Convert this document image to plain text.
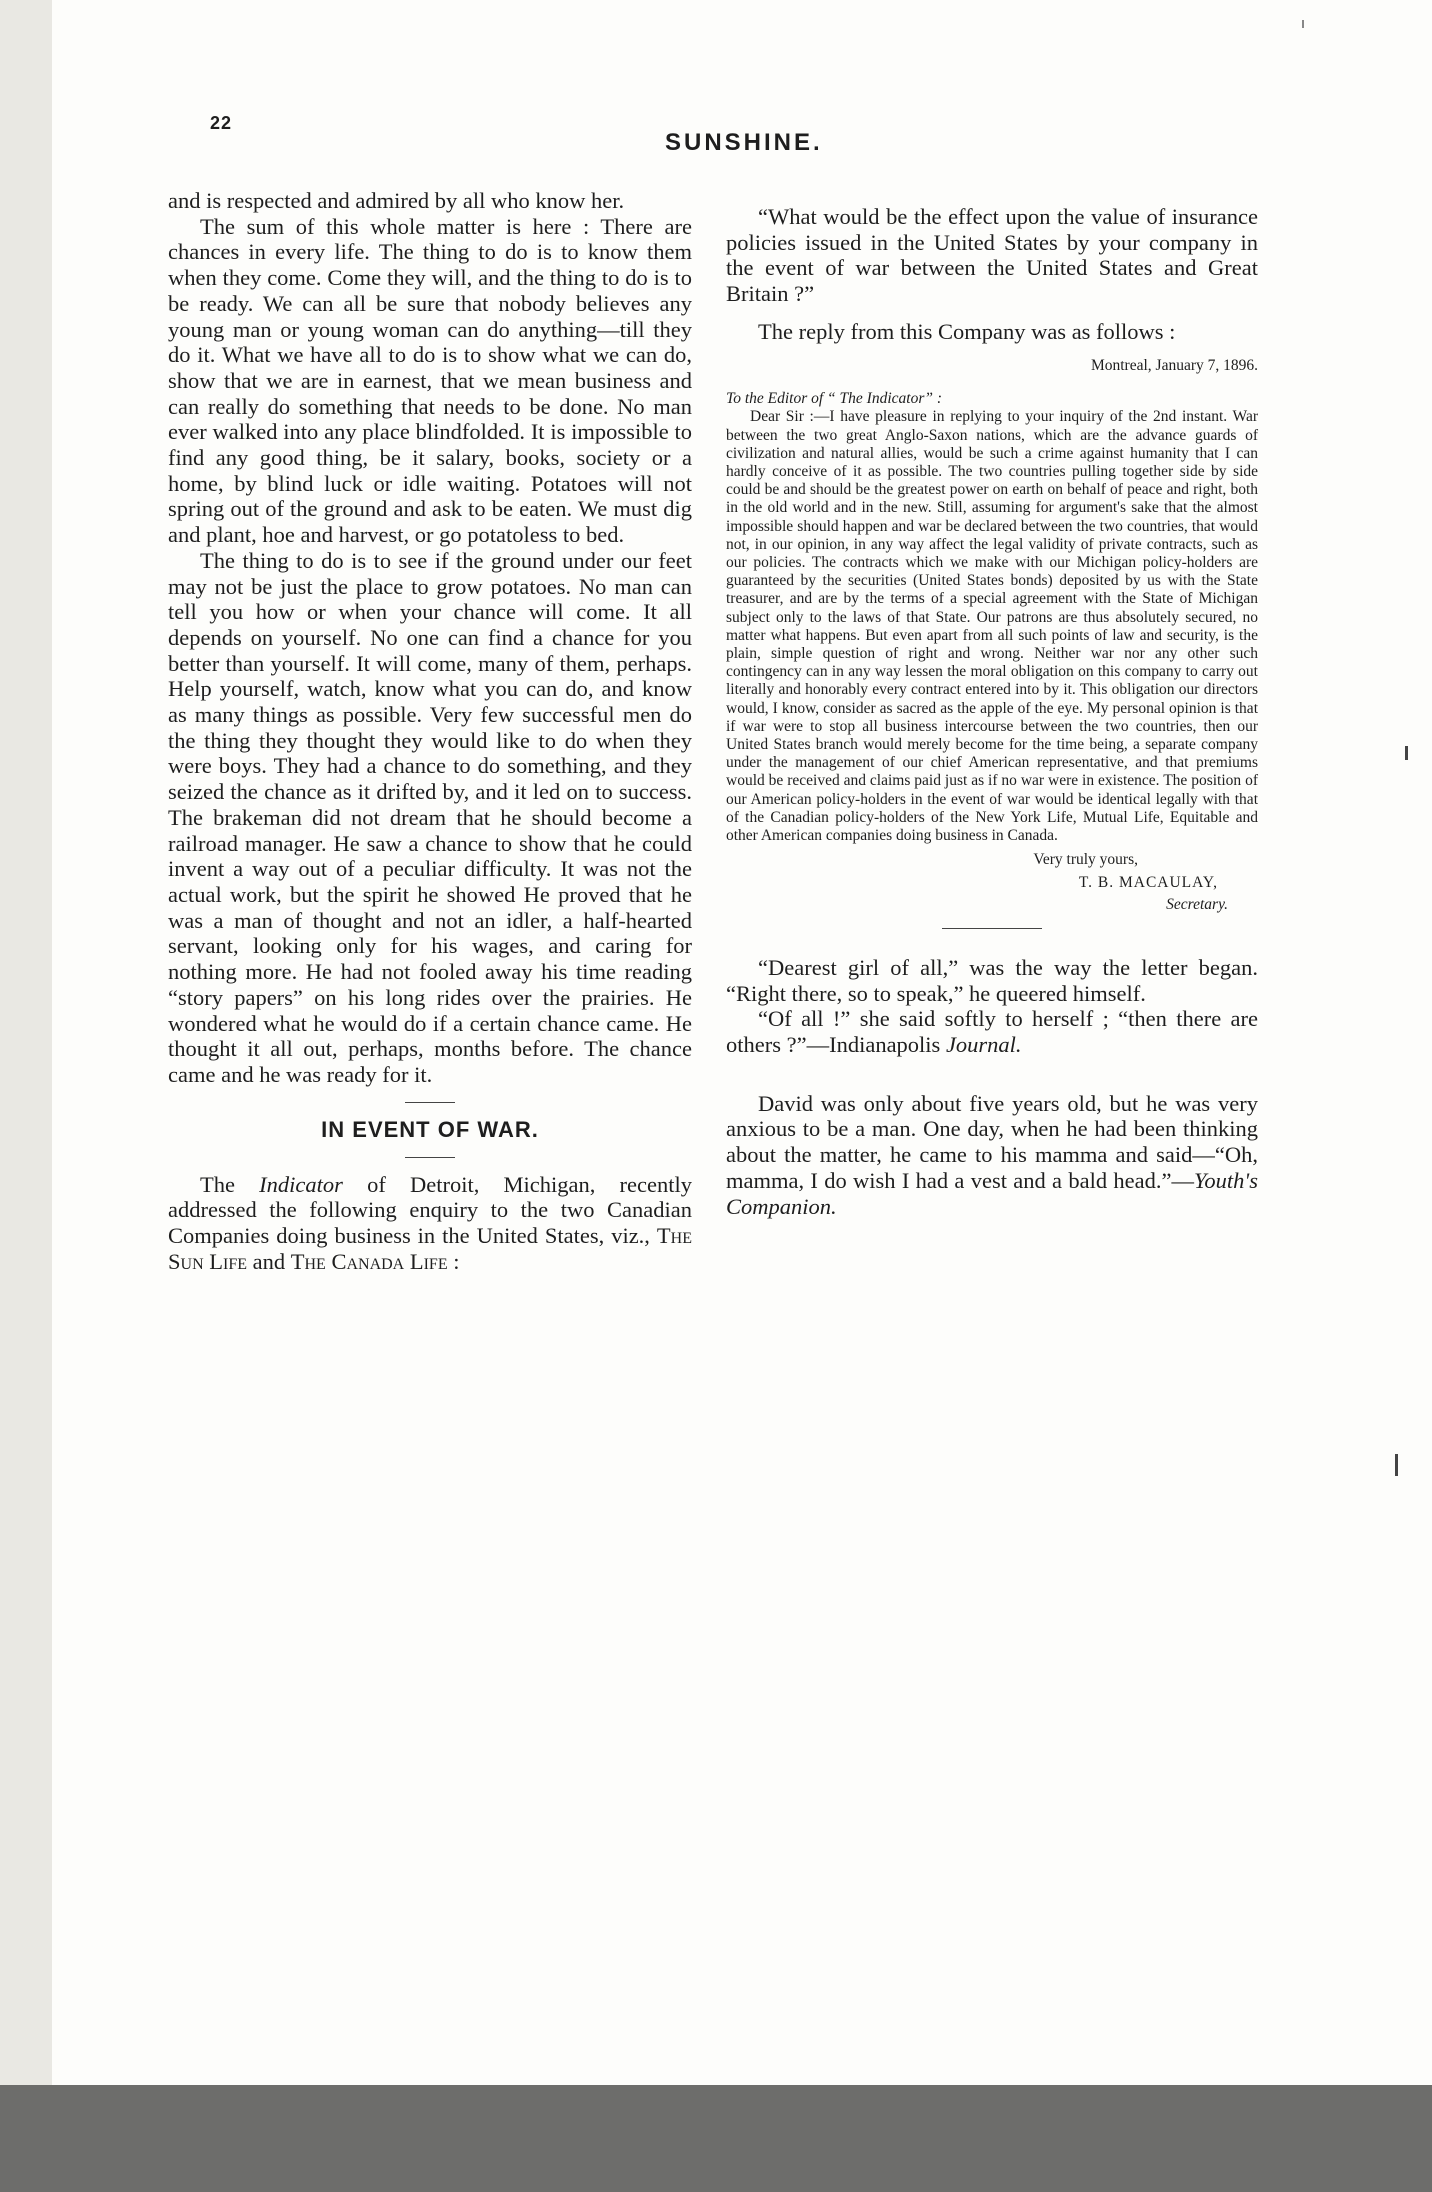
22
SUNSHINE.

and is respected and admired by all who know her.

The sum of this whole matter is here : There are chances in every life. The thing to do is to know them when they come. Come they will, and the thing to do is to be ready. We can all be sure that nobody believes any young man or young woman can do anything—till they do it. What we have all to do is to show what we can do, show that we are in earnest, that we mean business and can really do something that needs to be done. No man ever walked into any place blindfolded. It is impossible to find any good thing, be it salary, books, society or a home, by blind luck or idle waiting. Potatoes will not spring out of the ground and ask to be eaten. We must dig and plant, hoe and harvest, or go potatoless to bed.

The thing to do is to see if the ground under our feet may not be just the place to grow potatoes. No man can tell you how or when your chance will come. It all depends on yourself. No one can find a chance for you better than yourself. It will come, many of them, perhaps. Help yourself, watch, know what you can do, and know as many things as possible. Very few successful men do the thing they thought they would like to do when they were boys. They had a chance to do something, and they seized the chance as it drifted by, and it led on to success. The brakeman did not dream that he should become a railroad manager. He saw a chance to show that he could invent a way out of a peculiar difficulty. It was not the actual work, but the spirit he showed He proved that he was a man of thought and not an idler, a half-hearted servant, looking only for his wages, and caring for nothing more. He had not fooled away his time reading “story papers” on his long rides over the prairies. He wondered what he would do if a certain chance came. He thought it all out, perhaps, months before. The chance came and he was ready for it.

IN EVENT OF WAR.

The Indicator of Detroit, Michigan, recently addressed the following enquiry to the two Canadian Companies doing business in the United States, viz., The Sun Life and The Canada Life :

“What would be the effect upon the value of insurance policies issued in the United States by your company in the event of war between the United States and Great Britain ?”

The reply from this Company was as follows :

Montreal, January 7, 1896.

To the Editor of “ The Indicator” :

Dear Sir :—I have pleasure in replying to your inquiry of the 2nd instant. War between the two great Anglo-Saxon nations, which are the advance guards of civilization and natural allies, would be such a crime against humanity that I can hardly conceive of it as possible. The two countries pulling together side by side could be and should be the greatest power on earth on behalf of peace and right, both in the old world and in the new. Still, assuming for argument's sake that the almost impossible should happen and war be declared between the two countries, that would not, in our opinion, in any way affect the legal validity of private contracts, such as our policies. The contracts which we make with our Michigan policy-holders are guaranteed by the securities (United States bonds) deposited by us with the State treasurer, and are by the terms of a special agreement with the State of Michigan subject only to the laws of that State. Our patrons are thus absolutely secured, no matter what happens. But even apart from all such points of law and security, is the plain, simple question of right and wrong. Neither war nor any other such contingency can in any way lessen the moral obligation on this company to carry out literally and honorably every contract entered into by it. This obligation our directors would, I know, consider as sacred as the apple of the eye. My personal opinion is that if war were to stop all business intercourse between the two countries, then our United States branch would merely become for the time being, a separate company under the management of our chief American representative, and that premiums would be received and claims paid just as if no war were in existence. The position of our American policy-holders in the event of war would be identical legally with that of the Canadian policy-holders of the New York Life, Mutual Life, Equitable and other American companies doing business in Canada.

Very truly yours,

T. B. MACAULAY,

Secretary.

“Dearest girl of all,” was the way the letter began. “Right there, so to speak,” he queered himself.

“Of all !” she said softly to herself ; “then there are others ?”—Indianapolis Journal.

David was only about five years old, but he was very anxious to be a man. One day, when he had been thinking about the matter, he came to his mamma and said—“Oh, mamma, I do wish I had a vest and a bald head.”—Youth's Companion.
